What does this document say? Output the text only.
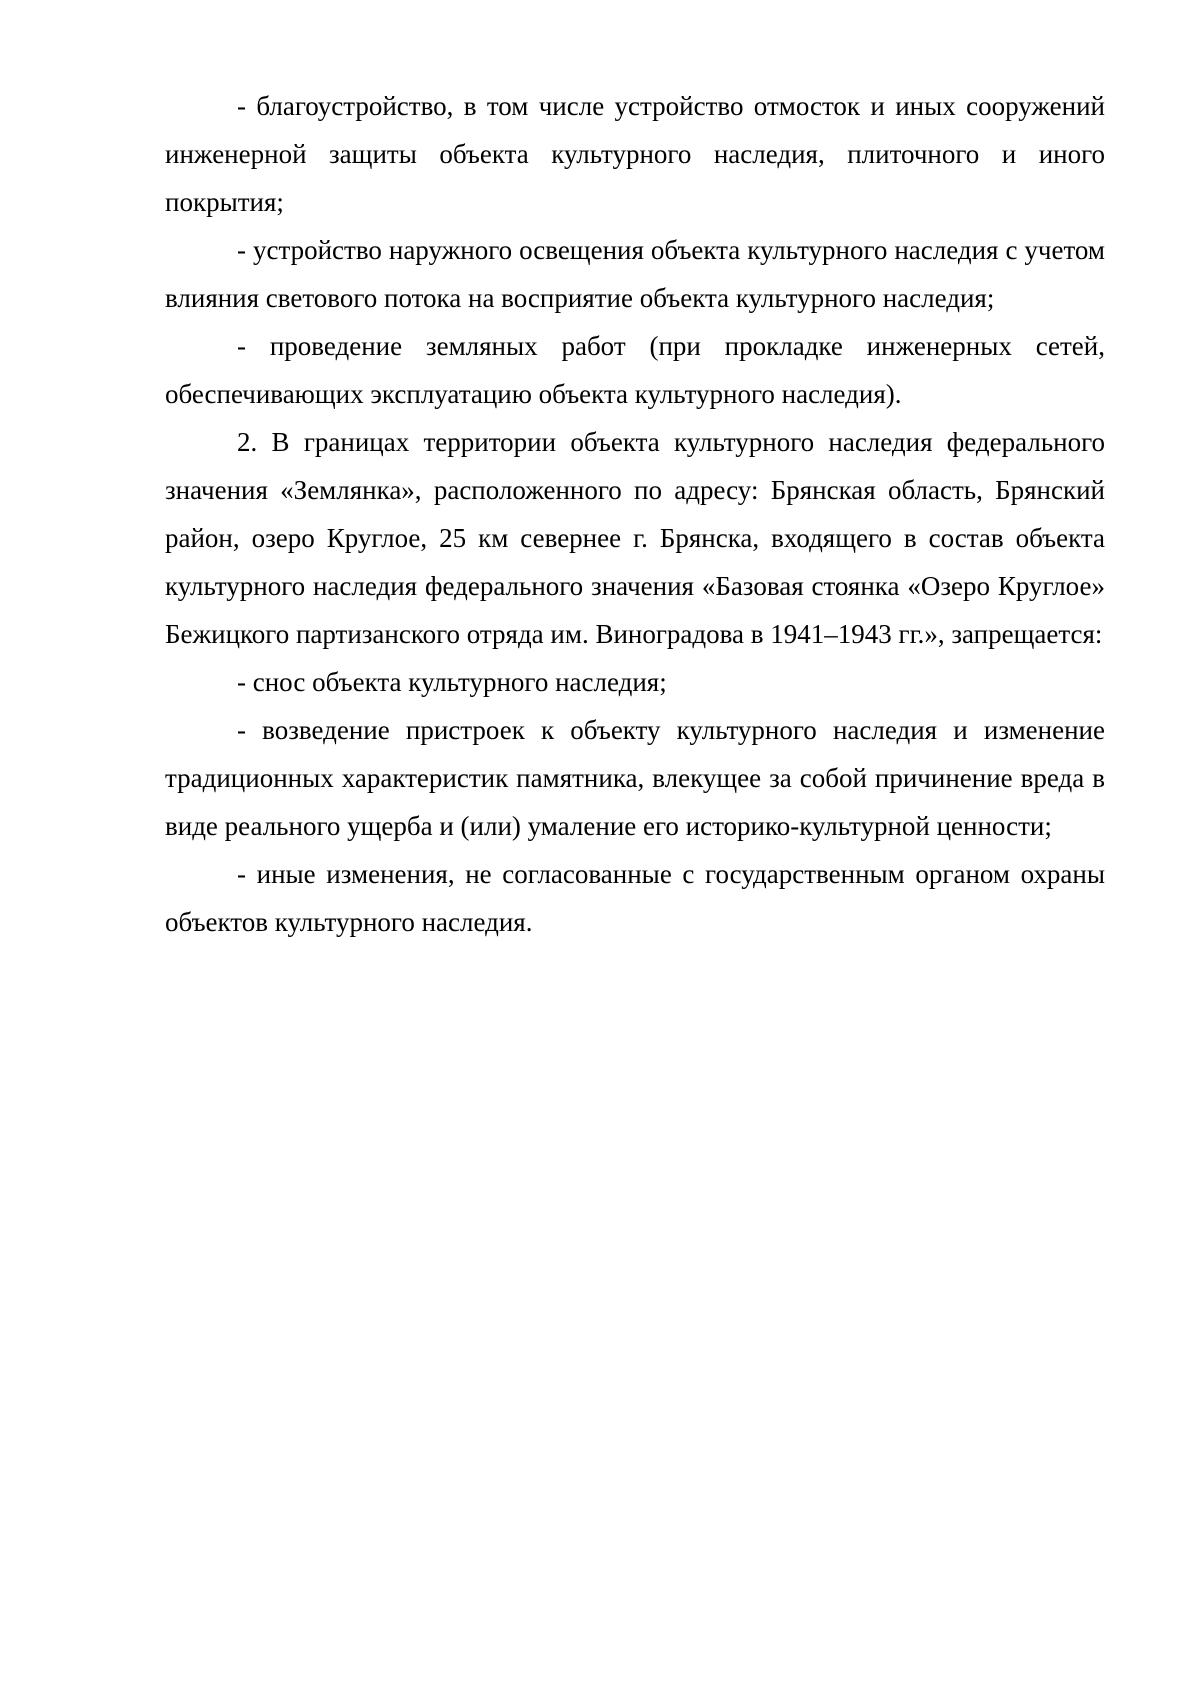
- благоустройство, в том числе устройство отмосток и иных сооружений инженерной защиты объекта культурного наследия, плиточного и иного покрытия;

- устройство наружного освещения объекта культурного наследия с учетом влияния светового потока на восприятие объекта культурного наследия;

- проведение земляных работ (при прокладке инженерных сетей, обеспечивающих эксплуатацию объекта культурного наследия).

2. В границах территории объекта культурного наследия федерального значения «Землянка», расположенного по адресу: Брянская область, Брянский район, озеро Круглое, 25 км севернее г. Брянска, входящего в состав объекта культурного наследия федерального значения «Базовая стоянка «Озеро Круглое» Бежицкого партизанского отряда им. Виноградова в 1941–1943 гг.», запрещается:

- снос объекта культурного наследия;

- возведение пристроек к объекту культурного наследия и изменение традиционных характеристик памятника, влекущее за собой причинение вреда в виде реального ущерба и (или) умаление его историко-культурной ценности;

- иные изменения, не согласованные с государственным органом охраны объектов культурного наследия.
